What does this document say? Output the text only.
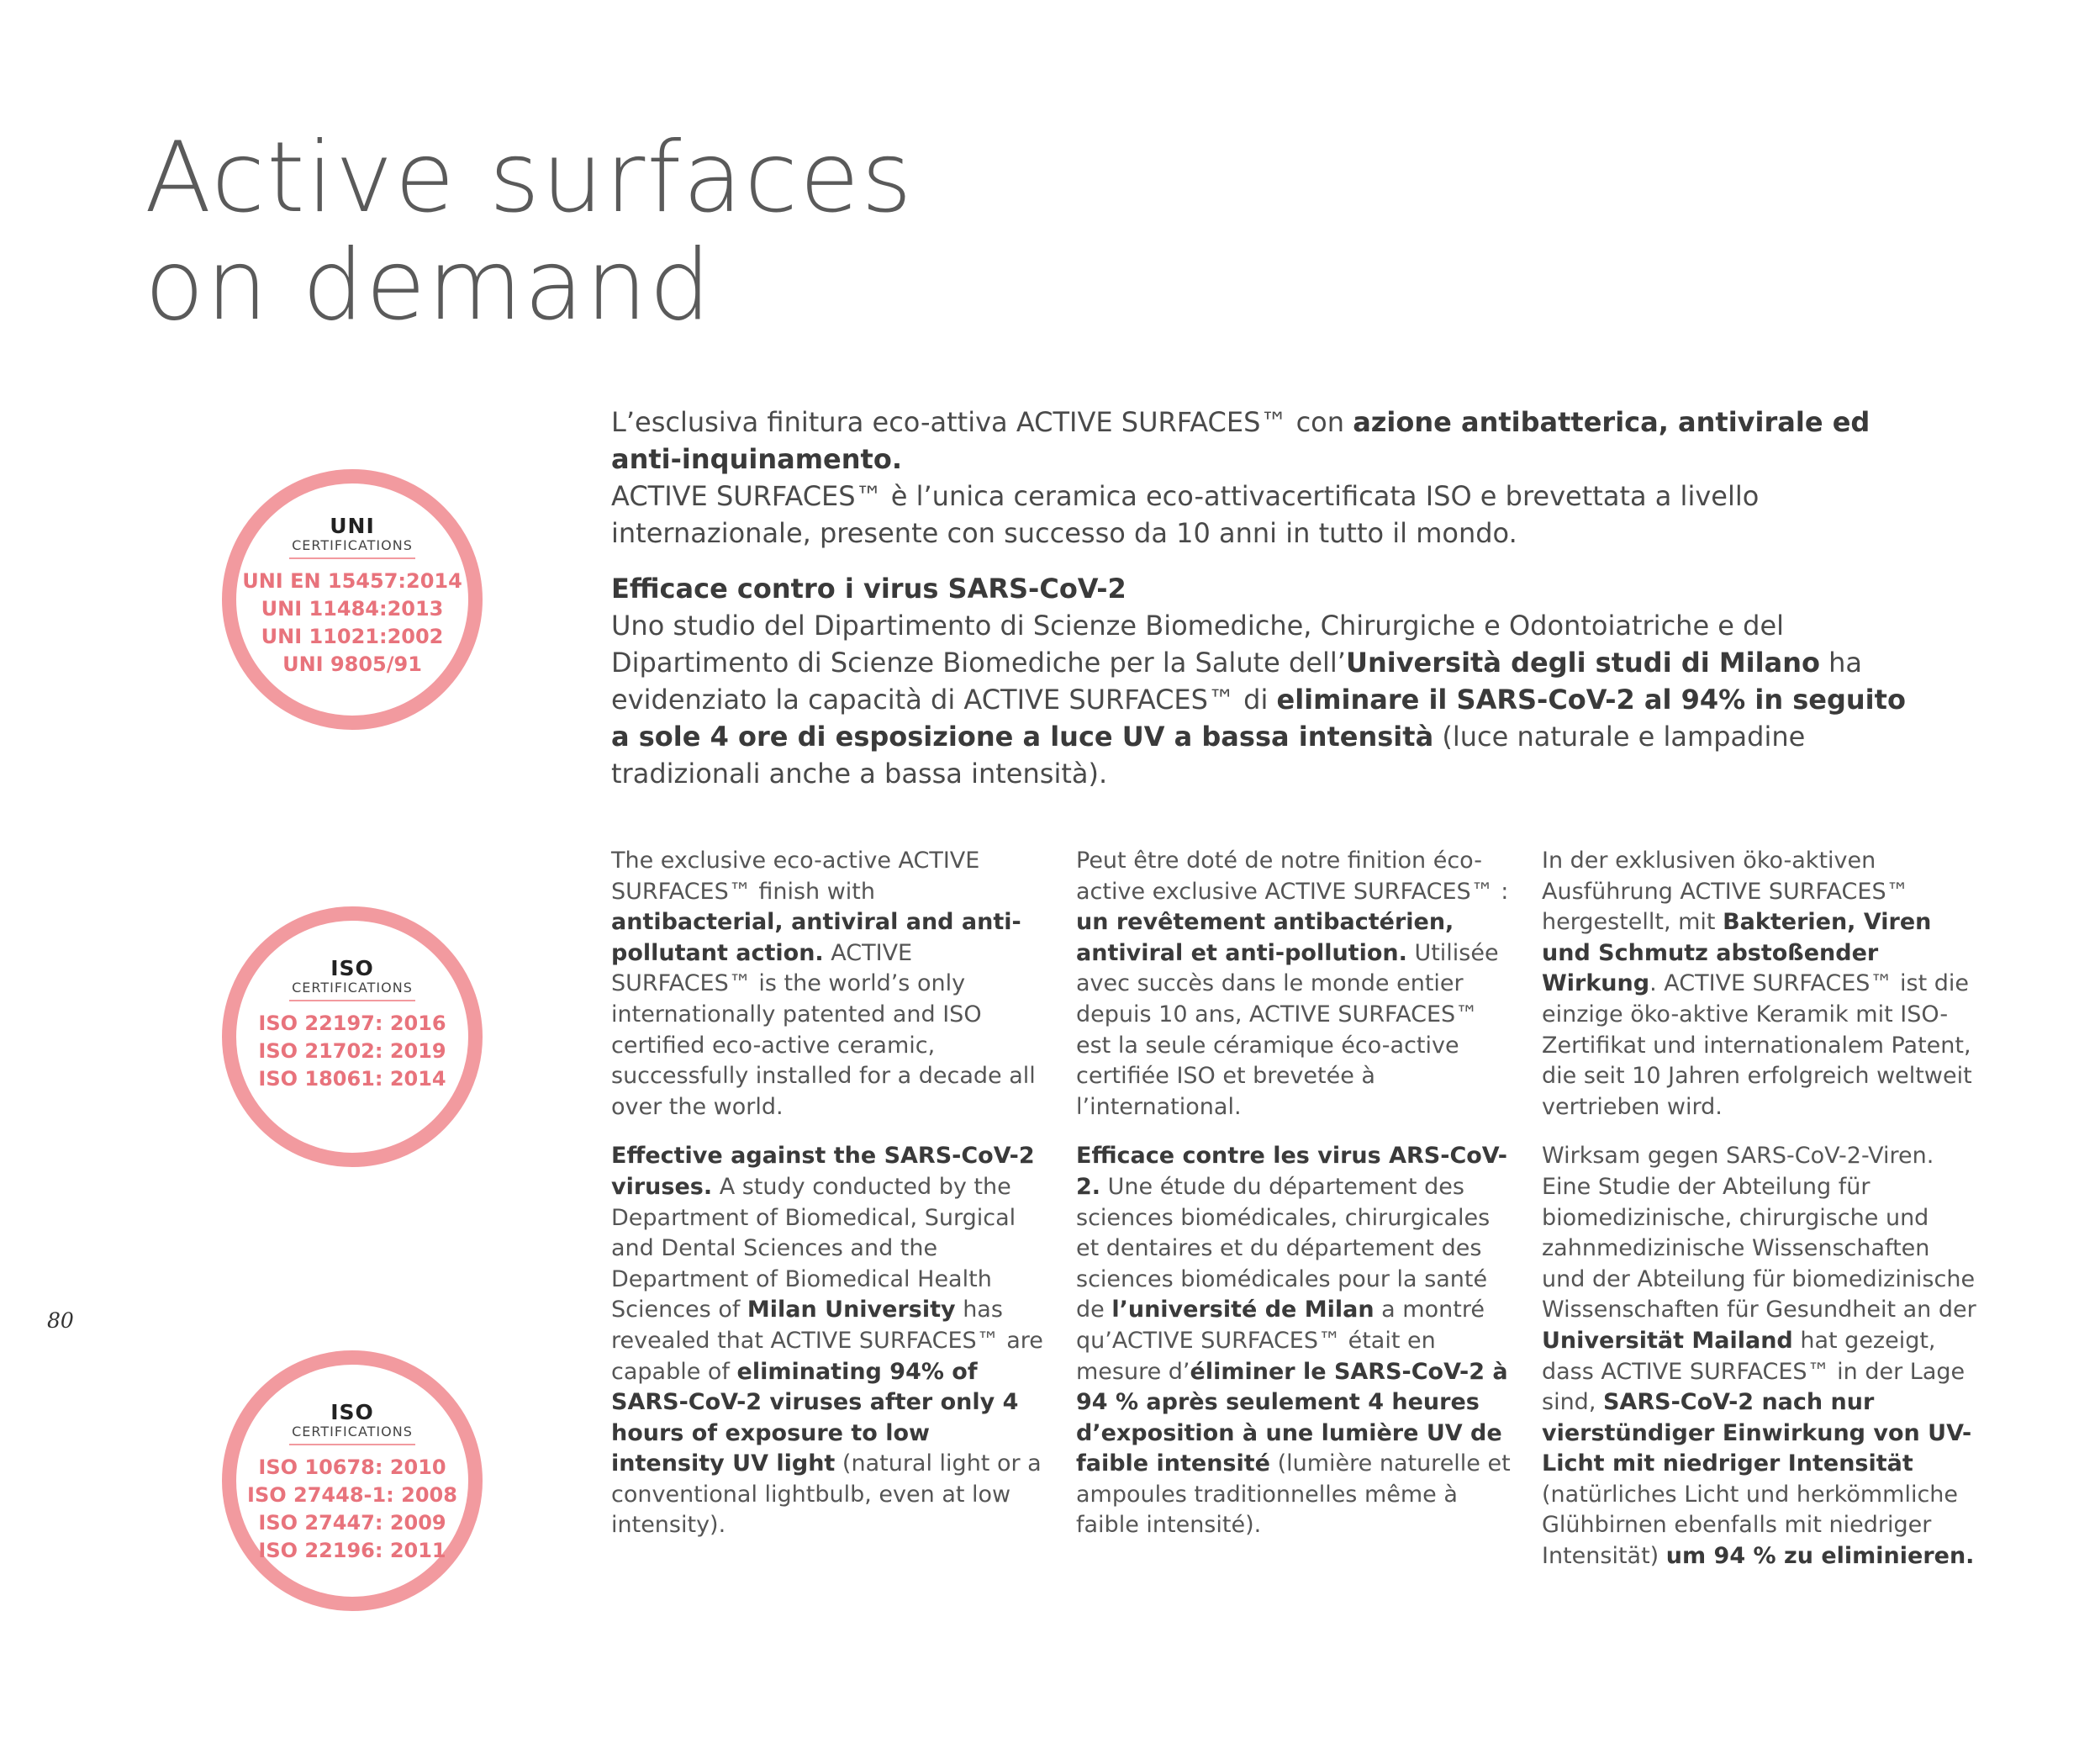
Active surfaces
on demand

L’esclusiva finitura eco-attiva ACTIVE SURFACES™ con azione antibatterica, antivirale ed anti-inquinamento.
ACTIVE SURFACES™ è l’unica ceramica eco-attivacertificata ISO e brevettata a livello internazionale, presente con successo da 10 anni in tutto il mondo.

Efficace contro i virus SARS-CoV-2
Uno studio del Dipartimento di Scienze Biomediche, Chirurgiche e Odontoiatriche e del Dipartimento di Scienze Biomediche per la Salute dell’Università degli studi di Milano ha evidenziato la capacità di ACTIVE SURFACES™ di eliminare il SARS-CoV-2 al 94% in seguito a sole 4 ore di esposizione a luce UV a bassa intensità (luce naturale e lampadine tradizionali anche a bassa intensità).

The exclusive eco-active ACTIVE SURFACES™ finish with antibacterial, antiviral and anti-pollutant action. ACTIVE SURFACES™ is the world’s only internationally patented and ISO certified eco-active ceramic, successfully installed for a decade all over the world.

Effective against the SARS-CoV-2 viruses. A study conducted by the Department of Biomedical, Surgical and Dental Sciences and the Department of Biomedical Health Sciences of Milan University has revealed that ACTIVE SURFACES™ are capable of eliminating 94% of SARS-CoV-2 viruses after only 4 hours of exposure to low intensity UV light (natural light or a conventional lightbulb, even at low intensity).

Peut être doté de notre finition éco-active exclusive ACTIVE SURFACES™ : un revêtement antibactérien, antiviral et anti-pollution. Utilisée avec succès dans le monde entier depuis 10 ans, ACTIVE SURFACES™ est la seule céramique éco-active certifiée ISO et brevetée à l’international.

Efficace contre les virus ARS-CoV-2. Une étude du département des sciences biomédicales, chirurgicales et dentaires et du département des sciences biomédicales pour la santé de l’université de Milan a montré qu’ACTIVE SURFACES™ était en mesure d’éliminer le SARS-CoV-2 à 94 % après seulement 4 heures d’exposition à une lumière UV de faible intensité (lumière naturelle et ampoules traditionnelles même à faible intensité).

In der exklusiven öko-aktiven Ausführung ACTIVE SURFACES™ hergestellt, mit Bakterien, Viren und Schmutz abstoßender Wirkung. ACTIVE SURFACES™ ist die einzige öko-aktive Keramik mit ISO-Zertifikat und internationalem Patent, die seit 10 Jahren erfolgreich weltweit vertrieben wird.

Wirksam gegen SARS-CoV-2-Viren. Eine Studie der Abteilung für biomedizinische, chirurgische und zahnmedizinische Wissenschaften und der Abteilung für biomedizinische Wissenschaften für Gesundheit an der Universität Mailand hat gezeigt, dass ACTIVE SURFACES™ in der Lage sind, SARS-CoV-2 nach nur vierstündiger Einwirkung von UV-Licht mit niedriger Intensität (natürliches Licht und herkömmliche Glühbirnen ebenfalls mit niedriger Intensität) um 94 % zu eliminieren.

UNI
CERTIFICATIONS
UNI EN 15457:2014
UNI 11484:2013
UNI 11021:2002
UNI 9805/91
ISO
CERTIFICATIONS
ISO 22197: 2016
ISO 21702: 2019
ISO 18061: 2014
ISO
CERTIFICATIONS
ISO 10678: 2010
ISO 27448-1: 2008
ISO 27447: 2009
ISO 22196: 2011
80
